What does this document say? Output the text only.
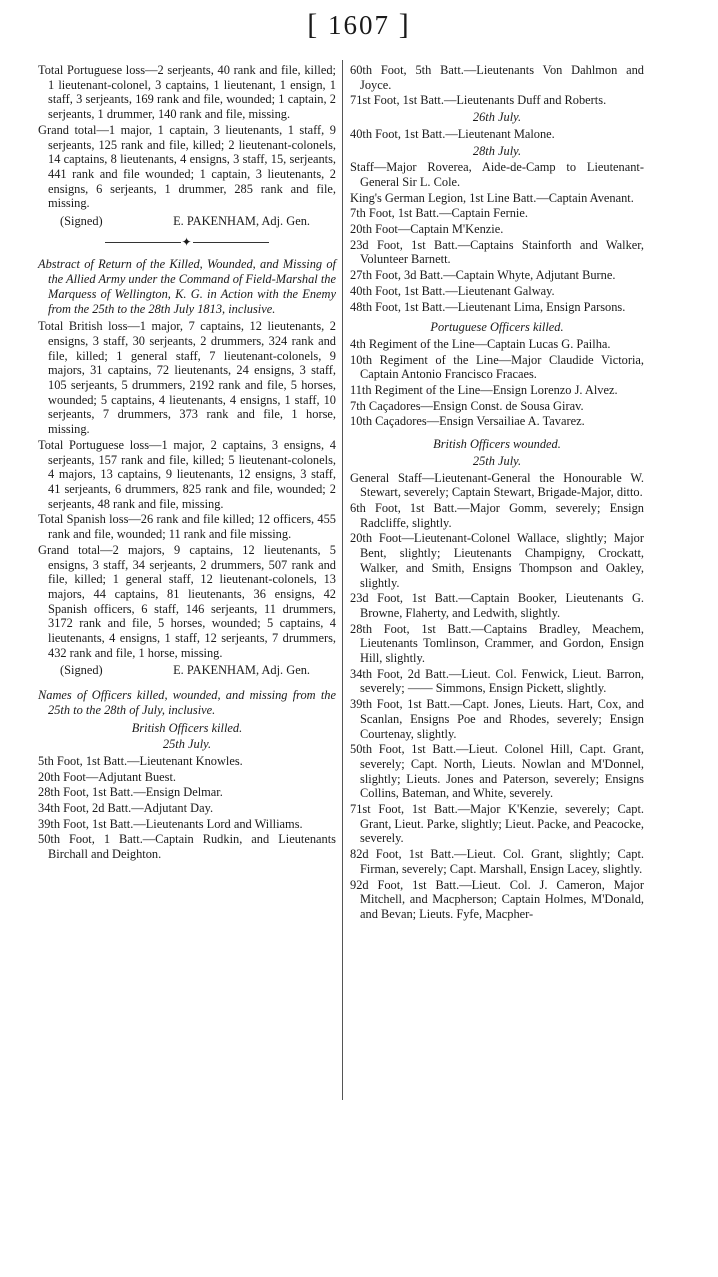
[ 1607 ]

Total Portuguese loss—2 serjeants, 40 rank and file, killed; 1 lieutenant-colonel, 3 captains, 1 lieutenant, 1 ensign, 1 staff, 3 serjeants, 169 rank and file, wounded; 1 captain, 2 serjeants, 1 drummer, 140 rank and file, missing.

Grand total—1 major, 1 captain, 3 lieutenants, 1 staff, 9 serjeants, 125 rank and file, killed; 2 lieutenant-colonels, 14 captains, 8 lieutenants, 4 ensigns, 3 staff, 15, serjeants, 441 rank and file wounded; 1 captain, 3 lieutenants, 2 ensigns, 6 serjeants, 1 drummer, 285 rank and file, missing.

(Signed)	E. PAKENHAM, Adj. Gen.
✦

Abstract of Return of the Killed, Wounded, and Missing of the Allied Army under the Command of Field-Marshal the Marquess of Wellington, K. G. in Action with the Enemy from the 25th to the 28th July 1813, inclusive.

Total British loss—1 major, 7 captains, 12 lieutenants, 2 ensigns, 3 staff, 30 serjeants, 2 drummers, 324 rank and file, killed; 1 general staff, 7 lieutenant-colonels, 9 majors, 31 captains, 72 lieutenants, 24 ensigns, 3 staff, 105 serjeants, 5 drummers, 2192 rank and file, 5 horses, wounded; 5 captains, 4 lieutenants, 4 ensigns, 1 staff, 10 serjeants, 7 drummers, 373 rank and file, 1 horse, missing.

Total Portuguese loss—1 major, 2 captains, 3 ensigns, 4 serjeants, 157 rank and file, killed; 5 lieutenant-colonels, 4 majors, 13 captains, 9 lieutenants, 12 ensigns, 3 staff, 41 serjeants, 6 drummers, 825 rank and file, wounded; 2 serjeants, 48 rank and file, missing.

Total Spanish loss—26 rank and file killed; 12 officers, 455 rank and file, wounded; 11 rank and file missing.

Grand total—2 majors, 9 captains, 12 lieutenants, 5 ensigns, 3 staff, 34 serjeants, 2 drummers, 507 rank and file, killed; 1 general staff, 12 lieutenant-colonels, 13 majors, 44 captains, 81 lieutenants, 36 ensigns, 42 Spanish officers, 6 staff, 146 serjeants, 11 drummers, 3172 rank and file, 5 horses, wounded; 5 captains, 4 lieutenants, 4 ensigns, 1 staff, 12 serjeants, 7 drummers, 432 rank and file, 1 horse, missing.

(Signed)	E. PAKENHAM, Adj. Gen.

Names of Officers killed, wounded, and missing from the 25th to the 28th of July, inclusive.

British Officers killed.

25th July.

5th Foot, 1st Batt.—Lieutenant Knowles.

20th Foot—Adjutant Buest.

28th Foot, 1st Batt.—Ensign Delmar.

34th Foot, 2d Batt.—Adjutant Day.

39th Foot, 1st Batt.—Lieutenants Lord and Williams.

50th Foot, 1 Batt.—Captain Rudkin, and Lieutenants Birchall and Deighton.

60th Foot, 5th Batt.—Lieutenants Von Dahlmon and Joyce.

71st Foot, 1st Batt.—Lieutenants Duff and Roberts.

26th July.

40th Foot, 1st Batt.—Lieutenant Malone.

28th July.

Staff—Major Roverea, Aide-de-Camp to Lieutenant-General Sir L. Cole.

King's German Legion, 1st Line Batt.—Captain Avenant.

7th Foot, 1st Batt.—Captain Fernie.

20th Foot—Captain M'Kenzie.

23d Foot, 1st Batt.—Captains Stainforth and Walker, Volunteer Barnett.

27th Foot, 3d Batt.—Captain Whyte, Adjutant Burne.

40th Foot, 1st Batt.—Lieutenant Galway.

48th Foot, 1st Batt.—Lieutenant Lima, Ensign Parsons.

Portuguese Officers killed.

4th Regiment of the Line—Captain Lucas G. Pailha.

10th Regiment of the Line—Major Claudide Victoria, Captain Antonio Francisco Fracaes.

11th Regiment of the Line—Ensign Lorenzo J. Alvez.

7th Caçadores—Ensign Const. de Sousa Girav.

10th Caçadores—Ensign Versailiae A. Tavarez.

British Officers wounded.

25th July.

General Staff—Lieutenant-General the Honourable W. Stewart, severely; Captain Stewart, Brigade-Major, ditto.

6th Foot, 1st Batt.—Major Gomm, severely; Ensign Radcliffe, slightly.

20th Foot—Lieutenant-Colonel Wallace, slightly; Major Bent, slightly; Lieutenants Champigny, Crockatt, Walker, and Smith, Ensigns Thompson and Oakley, slightly.

23d Foot, 1st Batt.—Captain Booker, Lieutenants G. Browne, Flaherty, and Ledwith, slightly.

28th Foot, 1st Batt.—Captains Bradley, Meachem, Lieutenants Tomlinson, Crammer, and Gordon, Ensign Hill, slightly.

34th Foot, 2d Batt.—Lieut. Col. Fenwick, Lieut. Barron, severely; —— Simmons, Ensign Pickett, slightly.

39th Foot, 1st Batt.—Capt. Jones, Lieuts. Hart, Cox, and Scanlan, Ensigns Poe and Rhodes, severely; Ensign Courtenay, slightly.

50th Foot, 1st Batt.—Lieut. Colonel Hill, Capt. Grant, severely; Capt. North, Lieuts. Nowlan and M'Donnel, slightly; Lieuts. Jones and Paterson, severely; Ensigns Collins, Bateman, and White, severely.

71st Foot, 1st Batt.—Major K'Kenzie, severely; Capt. Grant, Lieut. Parke, slightly; Lieut. Packe, and Peacocke, severely.

82d Foot, 1st Batt.—Lieut. Col. Grant, slightly; Capt. Firman, severely; Capt. Marshall, Ensign Lacey, slightly.

92d Foot, 1st Batt.—Lieut. Col. J. Cameron, Major Mitchell, and Macpherson; Captain Holmes, M'Donald, and Bevan; Lieuts. Fyfe, Macpher-
